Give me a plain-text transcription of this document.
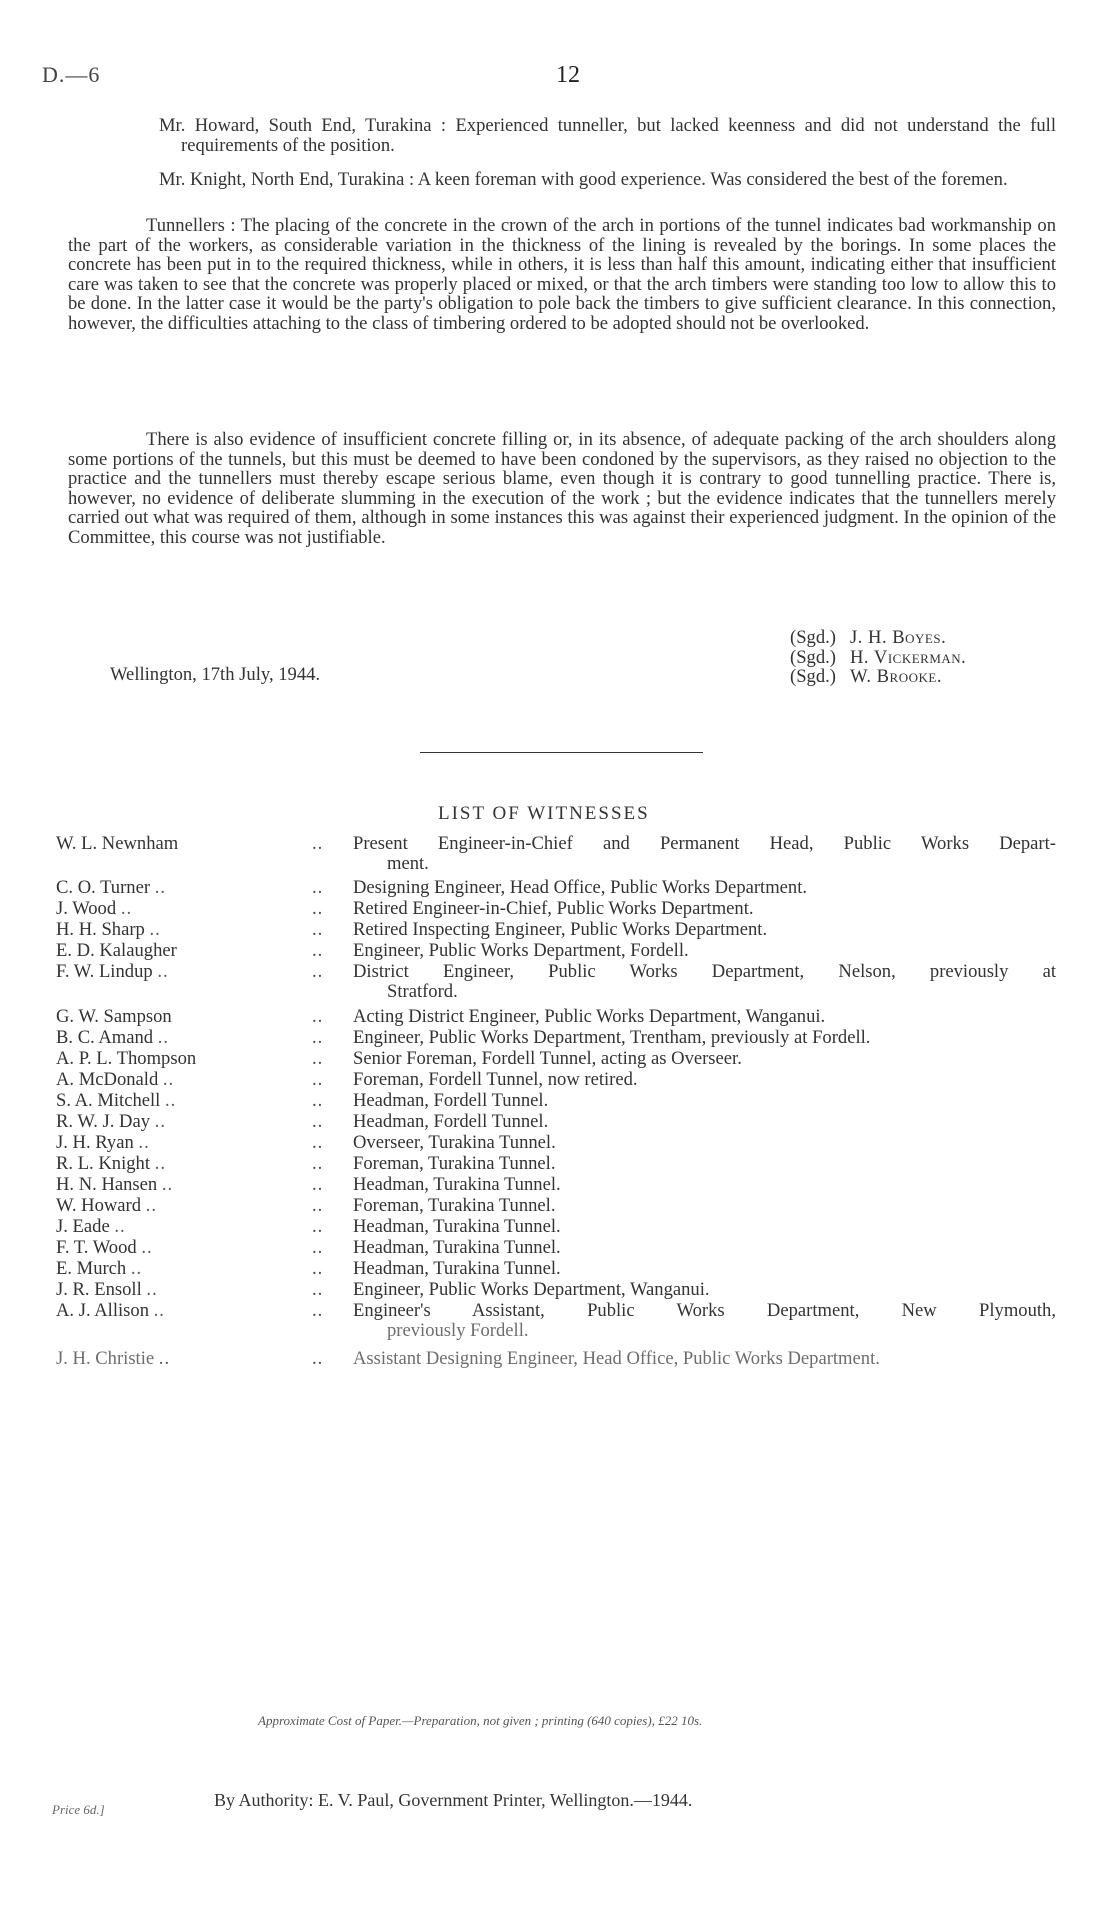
D.—6	12
Mr. Howard, South End, Turakina : Experienced tunneller, but lacked keenness and did not understand the full requirements of the position.
Mr. Knight, North End, Turakina : A keen foreman with good experience. Was considered the best of the foremen.
Tunnellers : The placing of the concrete in the crown of the arch in portions of the tunnel indicates bad workmanship on the part of the workers, as considerable variation in the thickness of the lining is revealed by the borings. In some places the concrete has been put in to the required thickness, while in others, it is less than half this amount, indicating either that insufficient care was taken to see that the concrete was properly placed or mixed, or that the arch timbers were standing too low to allow this to be done. In the latter case it would be the party's obligation to pole back the timbers to give sufficient clearance. In this connection, however, the difficulties attaching to the class of timbering ordered to be adopted should not be overlooked.
There is also evidence of insufficient concrete filling or, in its absence, of adequate packing of the arch shoulders along some portions of the tunnels, but this must be deemed to have been condoned by the supervisors, as they raised no objection to the practice and the tunnellers must thereby escape serious blame, even though it is contrary to good tunnelling practice. There is, however, no evidence of deliberate slumming in the execution of the work ; but the evidence indicates that the tunnellers merely carried out what was required of them, although in some instances this was against their experienced judgment. In the opinion of the Committee, this course was not justifiable.
(Sgd.) J. H. Boyes.
(Sgd.) H. Vickerman.
(Sgd.) W. Brooke.
Wellington, 17th July, 1944.
LIST OF WITNESSES
W. L. Newnham	.. Present Engineer-in-Chief and Permanent Head, Public Works Depart-
ment.
C. O. Turner ..	.. Designing Engineer, Head Office, Public Works Department.
J. Wood ..	.. Retired Engineer-in-Chief, Public Works Department.
H. H. Sharp ..	.. Retired Inspecting Engineer, Public Works Department.
E. D. Kalaugher	.. Engineer, Public Works Department, Fordell.
F. W. Lindup ..	.. District Engineer, Public Works Department, Nelson, previously at
Stratford.
G. W. Sampson	.. Acting District Engineer, Public Works Department, Wanganui.
B. C. Amand ..	.. Engineer, Public Works Department, Trentham, previously at Fordell.
A. P. L. Thompson	.. Senior Foreman, Fordell Tunnel, acting as Overseer.
A. McDonald ..	.. Foreman, Fordell Tunnel, now retired.
S. A. Mitchell ..	.. Headman, Fordell Tunnel.
R. W. J. Day ..	.. Headman, Fordell Tunnel.
J. H. Ryan ..	.. Overseer, Turakina Tunnel.
R. L. Knight ..	.. Foreman, Turakina Tunnel.
H. N. Hansen ..	.. Headman, Turakina Tunnel.
W. Howard ..	.. Foreman, Turakina Tunnel.
J. Eade ..	.. Headman, Turakina Tunnel.
F. T. Wood ..	.. Headman, Turakina Tunnel.
E. Murch ..	.. Headman, Turakina Tunnel.
J. R. Ensoll ..	.. Engineer, Public Works Department, Wanganui.
A. J. Allison ..	.. Engineer's Assistant, Public Works Department, New Plymouth,
previously Fordell.
J. H. Christie ..	.. Assistant Designing Engineer, Head Office, Public Works Department.
Approximate Cost of Paper.—Preparation, not given ; printing (640 copies), £22 10s.
By Authority: E. V. Paul, Government Printer, Wellington.—1944.
Price 6d.]
